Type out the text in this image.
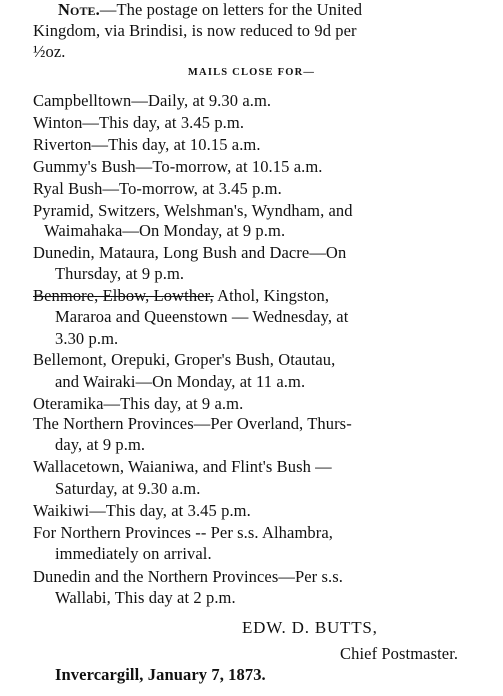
Note.—The postage on letters for the United
Kingdom, via Brindisi, is now reduced to 9d per
½oz.
MAILS CLOSE FOR—
Campbelltown—Daily, at 9.30 a.m.
Winton—This day, at 3.45 p.m.
Riverton—This day, at 10.15 a.m.
Gummy's Bush—To-morrow, at 10.15 a.m.
Ryal Bush—To-morrow, at 3.45 p.m.
Pyramid, Switzers, Welshman's, Wyndham, and
Waimahaka—On Monday, at 9 p.m.
Dunedin, Mataura, Long Bush and Dacre—On
Thursday, at 9 p.m.
Benmore, Elbow, Lowther, Athol, Kingston,
Mararoa and Queenstown — Wednesday, at
3.30 p.m.
Bellemont, Orepuki, Groper's Bush, Otautau,
and Wairaki—On Monday, at 11 a.m.
Oteramika—This day, at 9 a.m.
The Northern Provinces—Per Overland, Thurs-
day, at 9 p.m.
Wallacetown, Waianiwa, and Flint's Bush —
Saturday, at 9.30 a.m.
Waikiwi—This day, at 3.45 p.m.
For Northern Provinces -- Per s.s. Alhambra,
immediately on arrival.
Dunedin and the Northern Provinces—Per s.s.
Wallabi, This day at 2 p.m.
EDW. D. BUTTS,
Chief Postmaster.
Invercargill, January 7, 1873.
